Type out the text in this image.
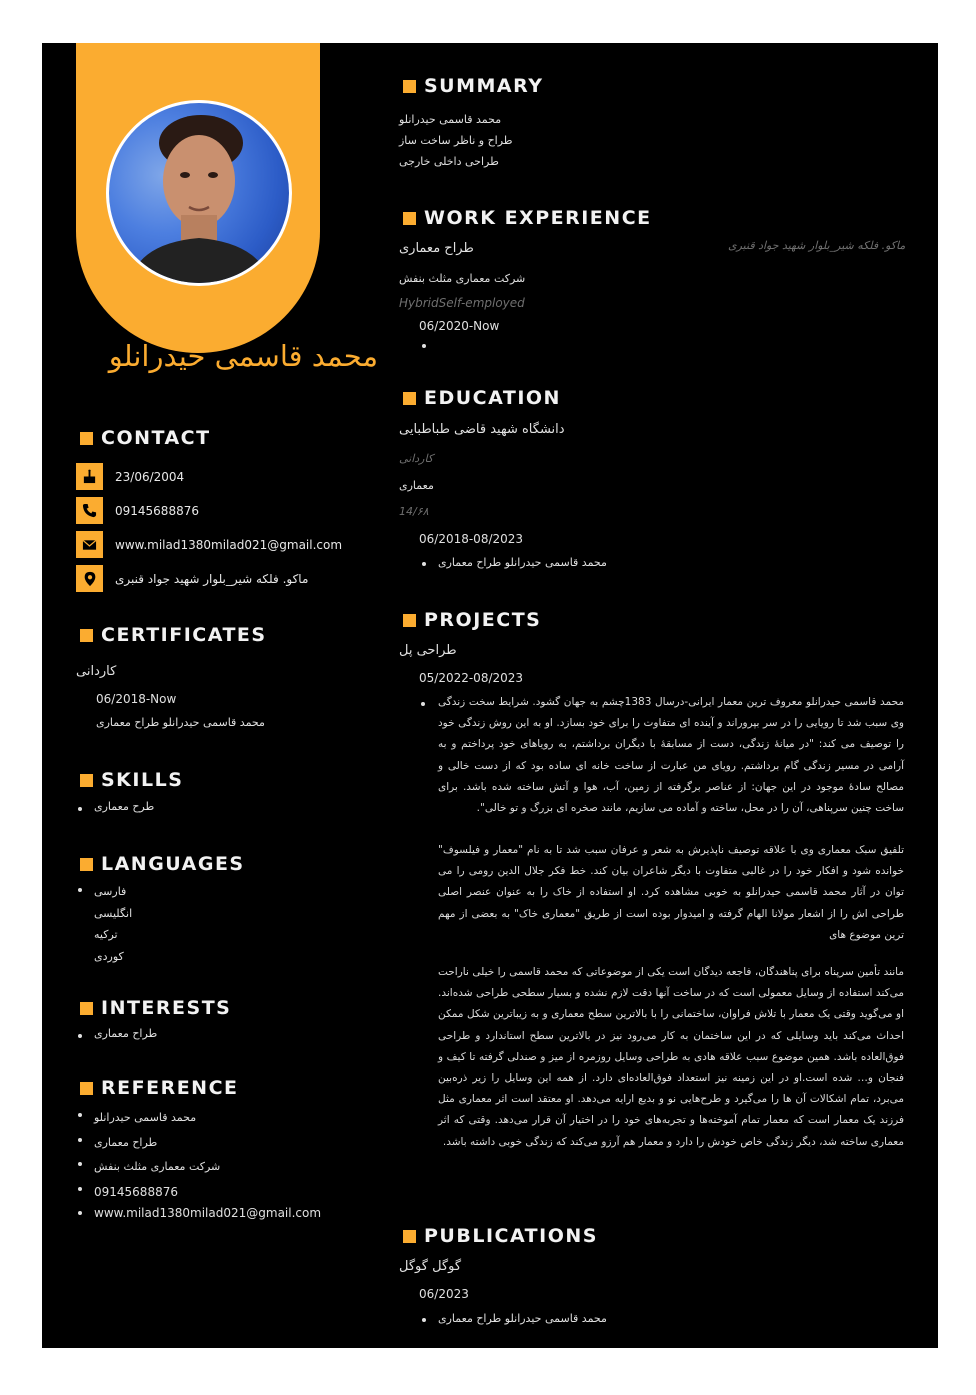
محمد قاسمی حیدرانلو
CONTACT
23/06/2004
09145688876
www.milad1380milad021@gmail.com
ماکو. فلکه شیر_بلوار شهید جواد قنبری
CERTIFICATES
کاردانی
06/2018-Now
محمد قاسمی حیدرانلو طراح معماری
SKILLS
طرح معماری
LANGUAGES
فارسی
انگلیسی
ترکیه
کوردی
INTERESTS
طراح معماری
REFERENCE
محمد قاسمی حیدرانلو
طراح معماری
شرکت معماری مثلث بنفش
09145688876
www.milad1380milad021@gmail.com
SUMMARY
محمد قاسمی حیدرانلو
طراح و ناظر ساخت ساز
طراحی داخلی خارجی
WORK EXPERIENCE
طراح معماری	ماکو. فلکه شیر_بلوار شهید جواد قنبری
شرکت معماری مثلث بنفش
HybridSelf-employed
06/2020-Now
EDUCATION
دانشگاه شهید قاضی طباطبایی
کاردانی
معماری
14/۶۸
06/2018-08/2023
محمد قاسمی حیدرانلو طراح معماری
PROJECTS
طراحی پل
05/2022-08/2023
محمد قاسمی حیدرانلو معروف ترین معمار ایرانی-درسال 1383چشم به جهان گشود. شرایط سخت زندگی وی سبب شد تا رویایی را در سر بپروراند و آینده ای متفاوت را برای خود بسازد. او به این روش زندگی خود را توصیف می کند: "در میانهٔ زندگی، دست از مسابقهٔ با دیگران برداشتم، به رویاهای خود پرداختم و به آرامی در مسیر زندگی گام برداشتم. رویای من عبارت از ساخت خانه ای ساده بود که از دست خالی و مصالح سادهٔ موجود در این جهان: از عناصر برگرفته از زمین، آب، هوا و آتش ساخته شده باشد. برای ساخت چنین سرپناهی، آن را در محل، ساخته و آماده می سازیم، مانند صخره ای بزرگ و تو خالی".
تلفیق سبک معماری وی با علاقه توصیف ناپذیرش به شعر و عرفان سبب شد تا به نام "معمار و فیلسوف" خوانده شود و افکار خود را در غالبی متفاوت با دیگر شاعران بیان کند. خط فکر جلال الدین رومی را می توان در آثار محمد قاسمی حیدرانلو به خوبی مشاهده کرد. او استفاده از خاک را به عنوان عنصر اصلی طراحی اش را از اشعار مولانا الهام گرفته و امیدوار بوده است از طریق "معماری خاک" به بعضی از مهم ترین موضوع های
مانند تأمین سرپناه برای پناهندگان، فاجعه دیدگان است یکی از موضوعاتی که محمد قاسمی را خیلی ناراحت می‌کند استفاده از وسایل معمولی است که در ساخت آنها دقت لازم نشده و بسیار سطحی طراحی شده‌اند. او می‌گوید وقتی یک معمار با تلاش فراوان، ساختمانی را با بالاترین سطح معماری و به زیباترین شکل ممکن احداث می‌کند باید وسایلی که در این ساختمان به کار می‌رود نیز در بالاترین سطح استاندارد و طراحی فوق‌العاده باشد. همین موضوع سبب علاقه هادی به طراحی وسایل روزمره از میز و صندلی گرفته تا کیف و فنجان و… شده است.او در این زمینه نیز استعداد فوق‌العاده‌ای دارد. از همه این وسایل را زیر ذره‌بین می‌برد، تمام اشکالات آن ها را می‌گیرد و طرح‌هایی نو و بدیع ارایه می‌دهد. او معتقد است اثر معماری مثل فرزند یک معمار است که معمار تمام آموخته‌ها و تجربه‌های خود را در اختیار آن قرار می‌دهد. وقتی که اثر معماری ساخته شد، دیگر زندگی خاص خودش را دارد و معمار هم آرزو می‌کند که زندگی خوبی داشته باشد.
PUBLICATIONS
گوگل گوگل
06/2023
محمد قاسمی حیدرانلو طراح معماری
